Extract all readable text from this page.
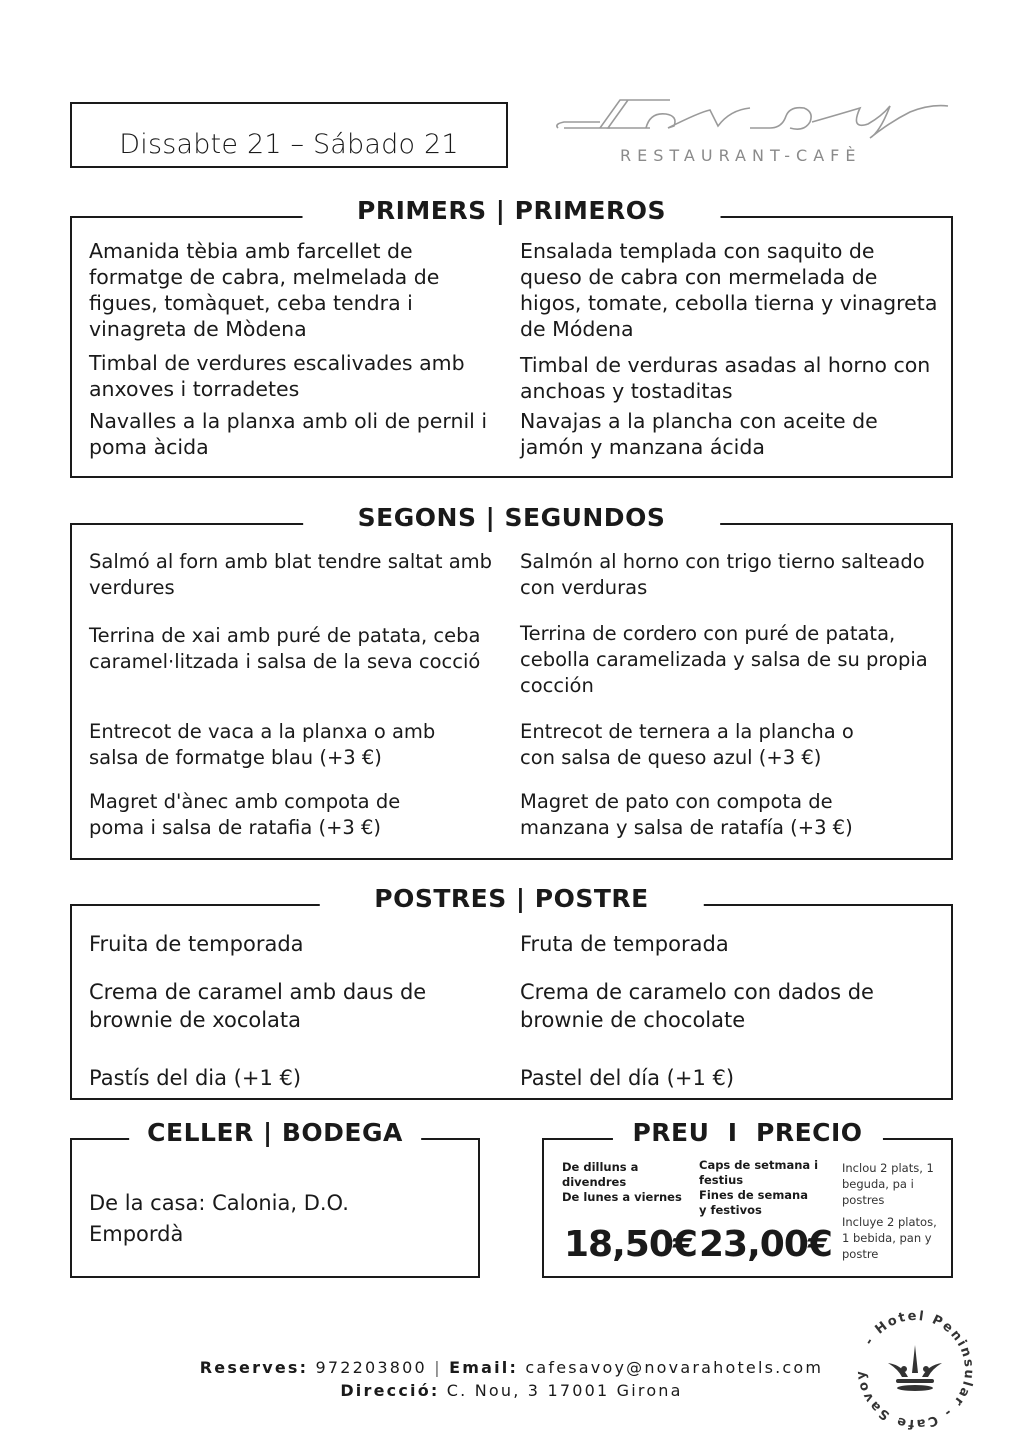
Dissabte 21 – Sábado 21	Savoy
RESTAURANT-CAFÈ
PRIMERS | PRIMEROS
Amanida tèbia amb farcellet de formatge de cabra, melmelada de figues, tomàquet, ceba tendra i vinagreta de Mòdena
Timbal de verdures escalivades amb anxoves i torradetes
Navalles a la planxa amb oli de pernil i poma àcida
Ensalada templada con saquito de queso de cabra con mermelada de higos, tomate, cebolla tierna y vinagreta de Módena
Timbal de verduras asadas al horno con anchoas y tostaditas
Navajas a la plancha con aceite de jamón y manzana ácida
SEGONS | SEGUNDOS
Salmó al forn amb blat tendre saltat amb verdures
Terrina de xai amb puré de patata, ceba caramel·litzada i salsa de la seva cocció
Entrecot de vaca a la planxa o amb salsa de formatge blau (+3 €)
Magret d'ànec amb compota de poma i salsa de ratafia (+3 €)
Salmón al horno con trigo tierno salteado con verduras
Terrina de cordero con puré de patata, cebolla caramelizada y salsa de su propia cocción
Entrecot de ternera a la plancha o con salsa de queso azul (+3 €)
Magret de pato con compota de manzana y salsa de ratafía (+3 €)
POSTRES | POSTRE
Fruita de temporada
Crema de caramel amb daus de brownie de xocolata
Pastís del dia (+1 €)
Fruta de temporada
Crema de caramelo con dados de brownie de chocolate
Pastel del día (+1 €)
CELLER | BODEGA
De la casa: Calonia, D.O. Empordà
PREU  I  PRECIO
De dilluns a divendres
De lunes a viernes
Caps de setmana i festius
Fines de semana y festivos
18,50€ 23,00€
Inclou 2 plats, 1 beguda, pa i postres
Incluye 2 platos, 1 bebida, pan y postre
Reserves: 972203800 | Email: cafesavoy@novarahotels.com
Direcció: C. Nou, 3 17001 Girona
- Hotel Peninsular - Cafe Savoy
